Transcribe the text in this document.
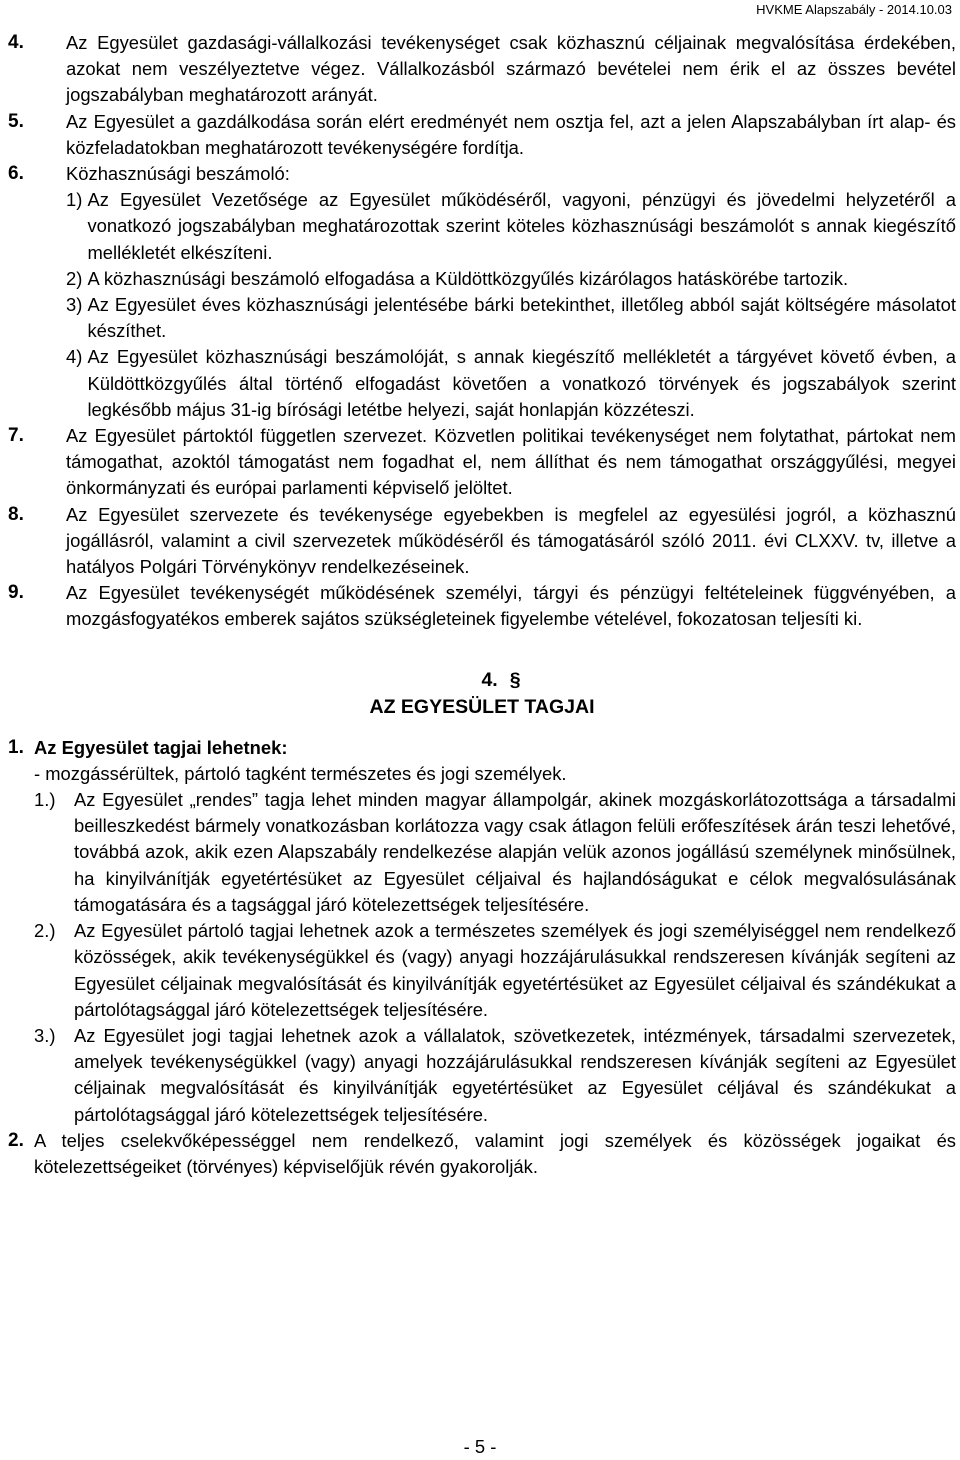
HVKME Alapszabály - 2014.10.03
4.	Az Egyesület gazdasági-vállalkozási tevékenységet csak közhasznú céljainak megvalósítása érdekében, azokat nem veszélyeztetve végez. Vállalkozásból származó bevételei nem érik el az összes bevétel jogszabályban meghatározott arányát.
5.	Az Egyesület a gazdálkodása során elért eredményét nem osztja fel, azt a jelen Alapszabályban írt alap- és közfeladatokban meghatározott tevékenységére fordítja.
6.	Közhasznúsági beszámoló:
1) Az Egyesület Vezetősége az Egyesület működéséről, vagyoni, pénzügyi és jövedelmi helyzetéről a vonatkozó jogszabályban meghatározottak szerint köteles közhasznúsági beszámolót s annak kiegészítő mellékletét elkészíteni.
2) A közhasznúsági beszámoló elfogadása a Küldöttközgyűlés kizárólagos hatáskörébe tartozik.
3) Az Egyesület éves közhasznúsági jelentésébe bárki betekinthet, illetőleg abból saját költségére másolatot készíthet.
4) Az Egyesület közhasznúsági beszámolóját, s annak kiegészítő mellékletét a tárgyévet követő évben, a Küldöttközgyűlés által történő elfogadást követően a vonatkozó törvények és jogszabályok szerint legkésőbb május 31-ig bírósági letétbe helyezi, saját honlapján közzéteszi.
7.	Az Egyesület pártoktól független szervezet. Közvetlen politikai tevékenységet nem folytathat, pártokat nem támogathat, azoktól támogatást nem fogadhat el, nem állíthat és nem támogathat országgyűlési, megyei önkormányzati és európai parlamenti képviselő jelöltet.
8.	Az Egyesület szervezete és tevékenysége egyebekben is megfelel az egyesülési jogról, a közhasznú jogállásról, valamint a civil szervezetek működéséről és támogatásáról szóló 2011. évi CLXXV. tv, illetve a hatályos Polgári Törvénykönyv rendelkezéseinek.
9.	Az Egyesület tevékenységét működésének személyi, tárgyi és pénzügyi feltételeinek függvényében, a mozgásfogyatékos emberek sajátos szükségleteinek figyelembe vételével, fokozatosan teljesíti ki.
4. §
AZ EGYESÜLET TAGJAI
1. Az Egyesület tagjai lehetnek:
- mozgássérültek, pártoló tagként természetes és jogi személyek.
1.)	Az Egyesület „rendes” tagja lehet minden magyar állampolgár, akinek mozgáskorlátozottsága a társadalmi beilleszkedést bármely vonatkozásban korlátozza vagy csak átlagon felüli erőfeszítések árán teszi lehetővé, továbbá azok, akik ezen Alapszabály rendelkezése alapján velük azonos jogállású személynek minősülnek, ha kinyilvánítják egyetértésüket az Egyesület céljaival és hajlandóságukat e célok megvalósulásának támogatására és a tagsággal járó kötelezettségek teljesítésére.
2.)	Az Egyesület pártoló tagjai lehetnek azok a természetes személyek és jogi személyiséggel nem rendelkező közösségek, akik tevékenységükkel és (vagy) anyagi hozzájárulásukkal rendszeresen kívánják segíteni az Egyesület céljainak megvalósítását és kinyilvánítják egyetértésüket az Egyesület céljaival és szándékukat a pártolótagsággal járó kötelezettségek teljesítésére.
3.)	Az Egyesület jogi tagjai lehetnek azok a vállalatok, szövetkezetek, intézmények, társadalmi szervezetek, amelyek tevékenységükkel (vagy) anyagi hozzájárulásukkal rendszeresen kívánják segíteni az Egyesület céljainak megvalósítását és kinyilvánítják egyetértésüket az Egyesület céljával és szándékukat a pártolótagsággal járó kötelezettségek teljesítésére.
2. A teljes cselekvőképességgel nem rendelkező, valamint jogi személyek és közösségek jogaikat és kötelezettségeiket (törvényes) képviselőjük révén gyakorolják.
- 5 -
